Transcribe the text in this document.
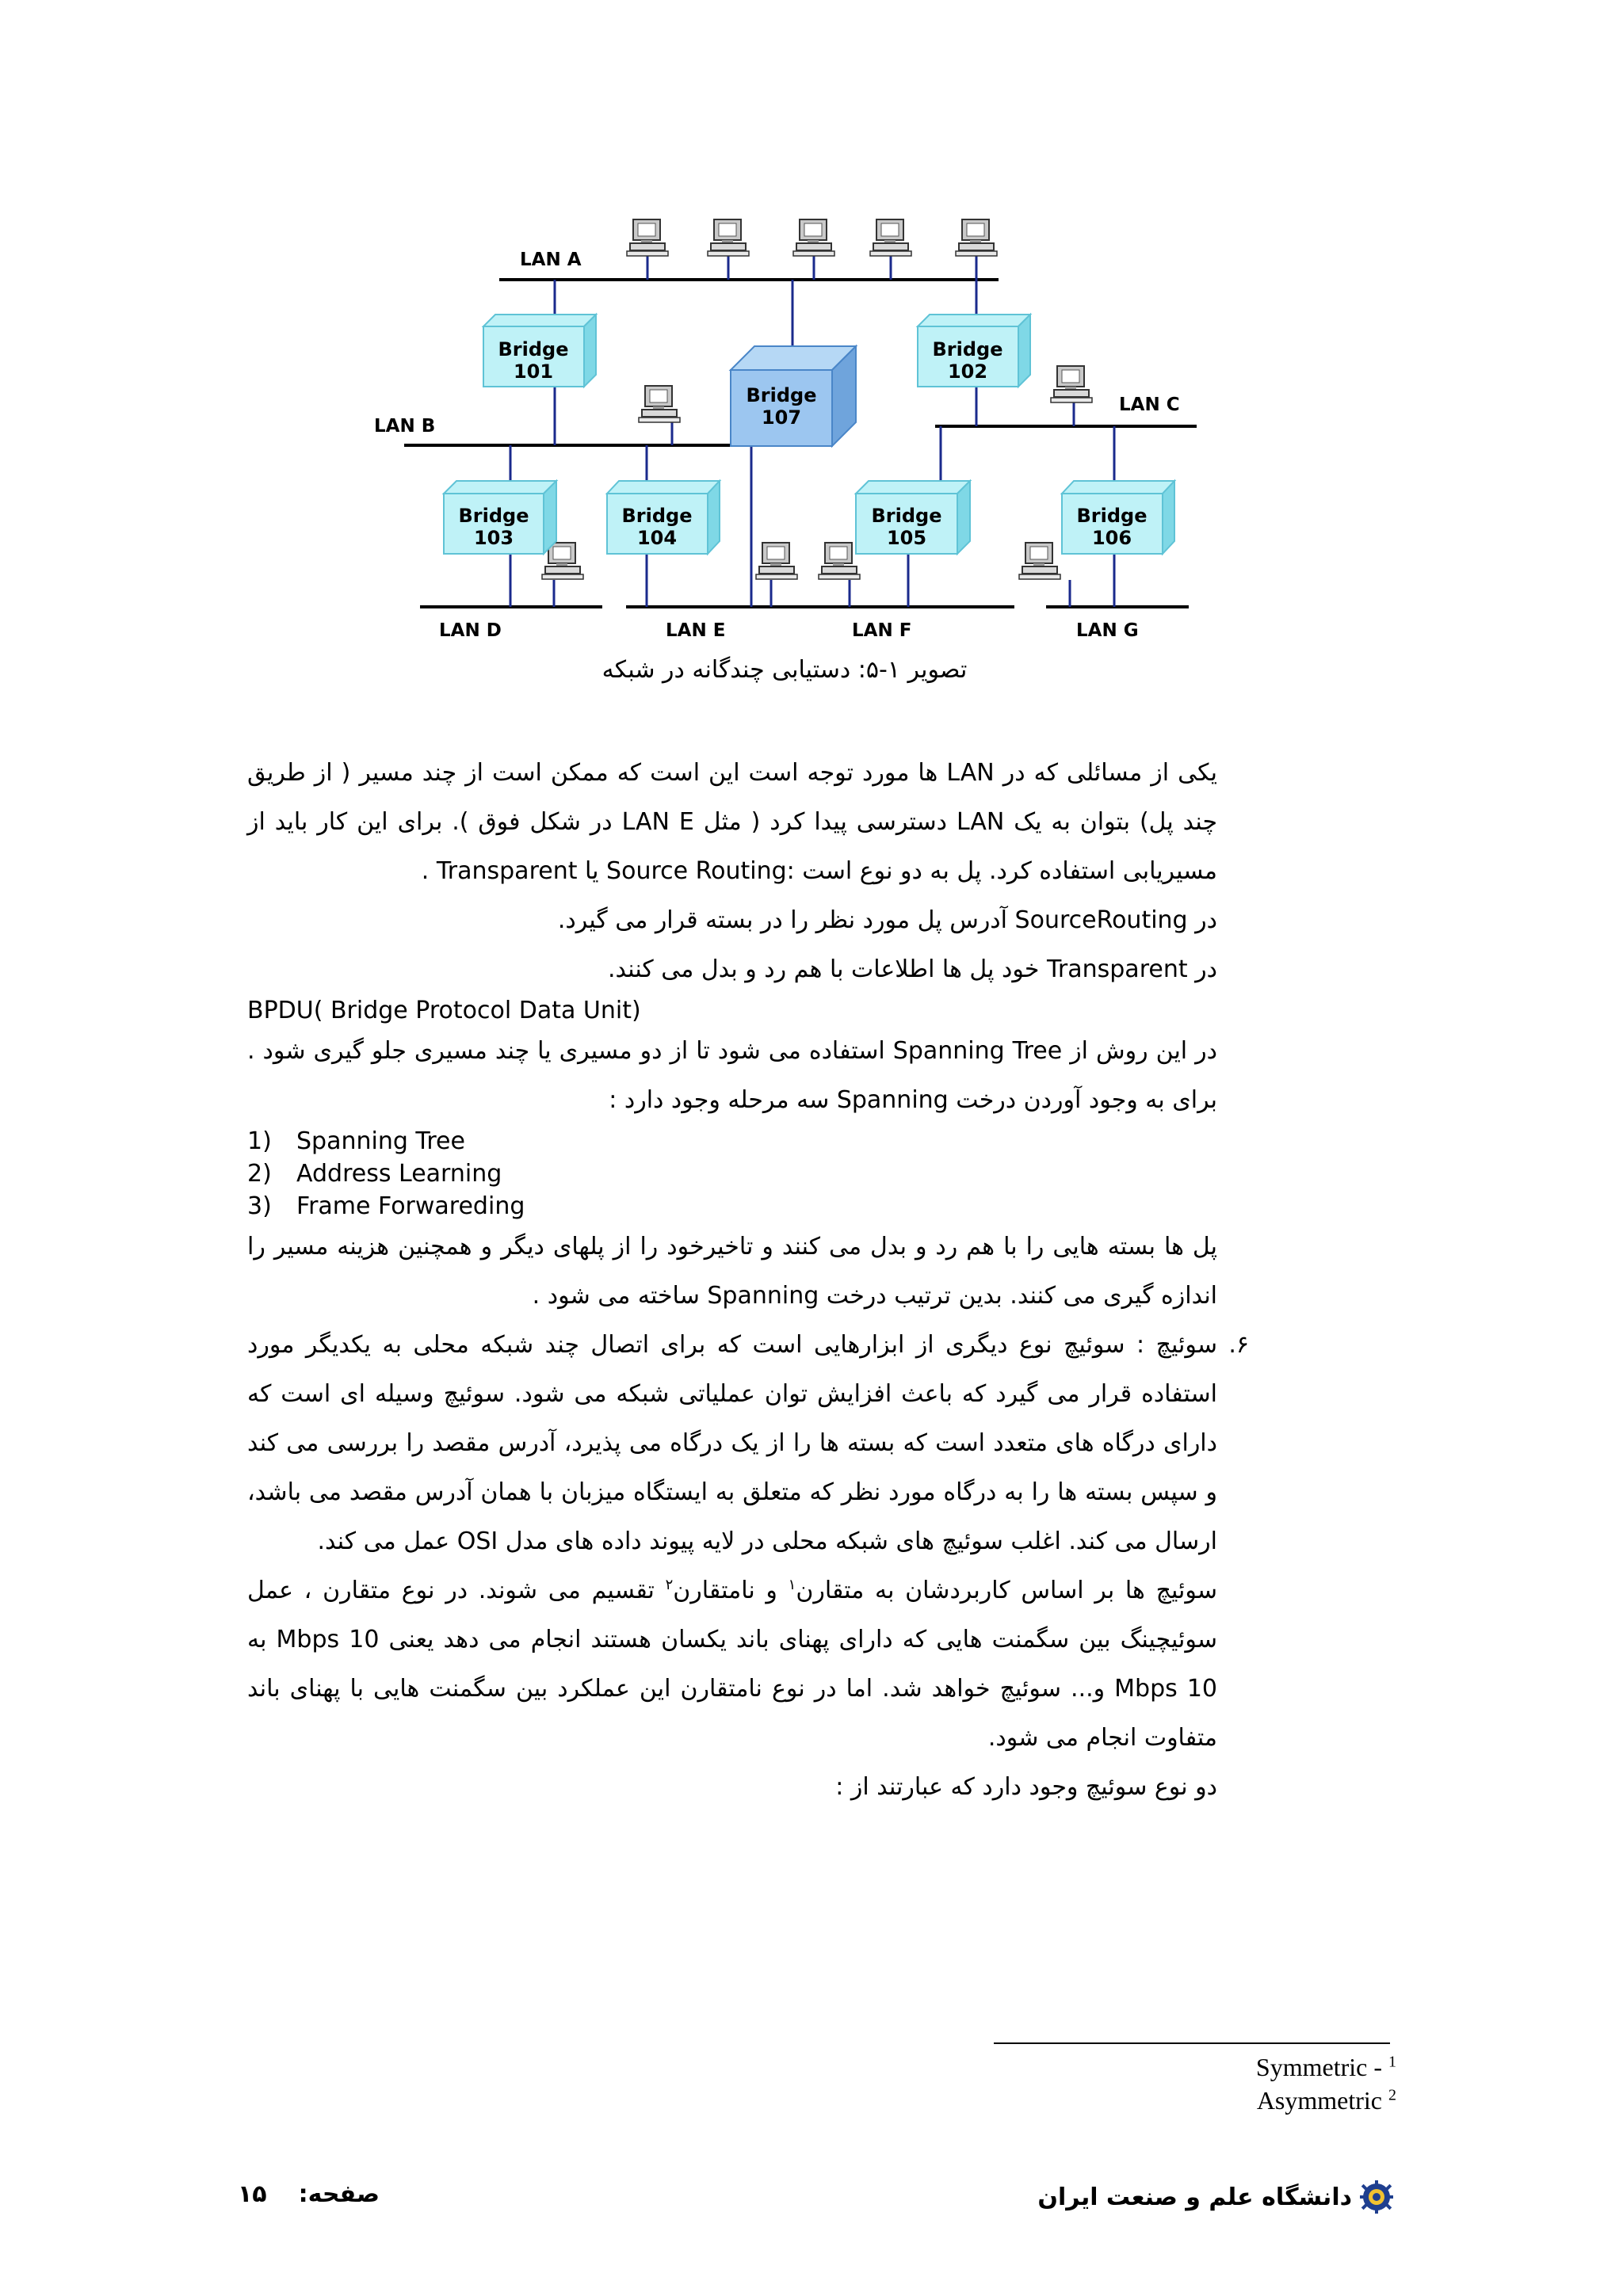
Bridge
101
Bridge
102
Bridge
107
Bridge
103
Bridge
104
Bridge
105
Bridge
106
LAN A
LAN B
LAN C
LAN D	LAN E	LAN F	LAN G
تصویر ۱-۵: دستیابی چندگانه در شبکه

یکی از مسائلی که در LAN ها مورد توجه است این است که ممکن است از چند مسیر ( از طریق چند پل) بتوان به یک LAN دسترسی پیدا کرد ( مثل LAN E در شکل فوق ). برای این کار باید از مسیریابی استفاده کرد. پل به دو نوع است :Source Routing یا Transparent .

در SourceRouting آدرس پل مورد نظر را در بسته قرار می گیرد.

در Transparent خود پل ها اطلاعات با هم رد و بدل می کنند.

BPDU( Bridge Protocol Data Unit)

در این روش از Spanning Tree استفاده می شود تا از دو مسیری یا چند مسیری جلو گیری شود . برای به وجود آوردن درخت Spanning سه مرحله وجود دارد :

1) Spanning Tree
2) Address Learning
3) Frame Forwareding

پل ها بسته هایی را با هم رد و بدل می کنند و تاخیرخود را از پلهای دیگر و همچنین هزینه مسیر را اندازه گیری می کنند. بدین ترتیب درخت Spanning ساخته می شود .

۶.
سوئیچ : سوئیچ نوع دیگری از ابزارهایی است که برای اتصال چند شبکه محلی به یکدیگر مورد استفاده قرار می گیرد که باعث افزایش توان عملیاتی شبکه می شود. سوئیچ وسیله ای است که دارای درگاه های متعدد است که بسته ها را از یک درگاه می پذیرد، آدرس مقصد را بررسی می کند و سپس بسته ها را به درگاه مورد نظر که متعلق به ایستگاه میزبان با همان آدرس مقصد می باشد، ارسال می کند. اغلب سوئیچ های شبکه محلی در لایه پیوند داده های مدل OSI عمل می کند.

سوئیچ ها بر اساس کاربردشان به متقارن$^۱$ و نامتقارن$^۲$ تقسیم می شوند. در نوع متقارن ، عمل سوئیچینگ بین سگمنت هایی که دارای پهنای باند یکسان هستند انجام می دهد یعنی 10 Mbps به 10 Mbps و... سوئیچ خواهد شد. اما در نوع نامتقارن این عملکرد بین سگمنت هایی با پهنای باند متفاوت انجام می شود.

دو نوع سوئیچ وجود دارد که عبارتند از :

Symmetric - $^1$
Asymmetric $^2$
صفحه:۱۵	دانشگاه علم و صنعت ایران
